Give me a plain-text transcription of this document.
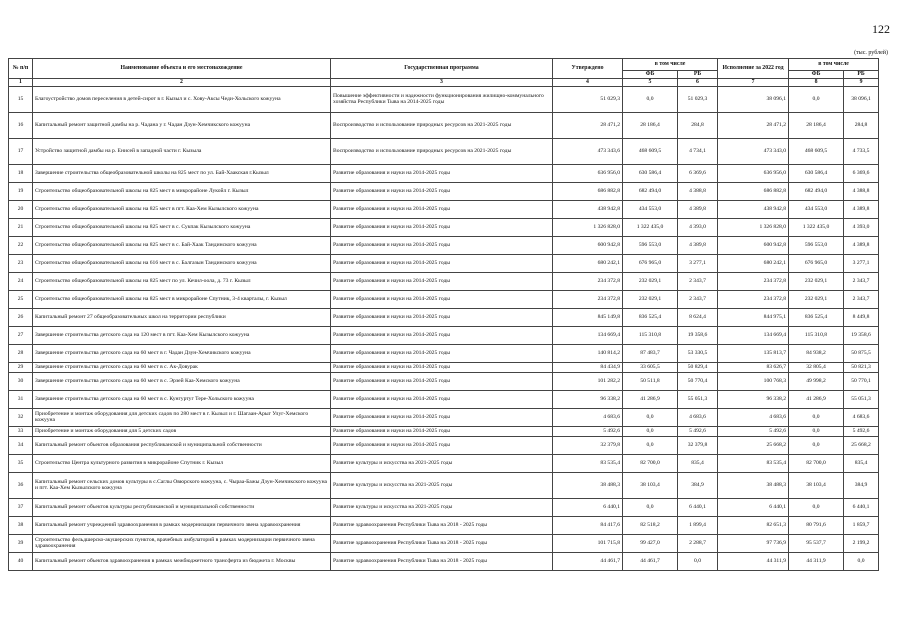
122
(тыс. рублей)
№ п/п	Наименование объекта и его местонахождение	Государственная программа	Утверждено	в том числе		Исполнение за 2022 год	в том числе	
				ФБ	РБ		ФБ	РБ
1	2	3	4	5	6	7	8	9
15	Благоустройство домов переселения в детей-сирот в г. Кызыл и с. Хову-Аксы Чеди-Хольского кожууна	Повышение эффективности и надежности функционирования жилищно-коммунального хозяйства Республики Тыва на 2014-2025 годы	51 029,3	0,0	51 029,3	38 096,1	0,0	38 096,1
16	Капитальный ремонт защитной дамбы на р. Чадана у г. Чадан Дзун-Хемчикского кожууна	Воспроизводство и использование природных ресурсов на 2021-2025 годы	28 471,2	28 186,4	284,8	28 471,2	28 186,4	284,8
17	Устройство защитной дамбы на р. Енисей в западной части г. Кызыла	Воспроизводство и использование природных ресурсов на 2021-2025 годы	473 343,6	468 609,5	4 734,1	473 343,0	468 609,5	4 733,5
18	Завершение строительства общеобразовательной школы на 825 мест по ул. Бай-Хаакская г.Кызыл	Развитие образования и науки на 2014-2025 годы	636 956,0	630 586,4	6 369,6	636 956,0	630 586,4	6 369,6
19	Строительство общеобразовательной школы на 825 мест в микрорайоне Лукойл г. Кызыл	Развитие образования и науки на 2014-2025 годы	686 882,8	682 494,0	4 388,8	686 882,8	682 494,0	4 388,8
20	Строительство общеобразовательной школы на 825 мест в пгт. Каа-Хем Кызылского кожууна	Развитие образования и науки на 2014-2025 годы	438 942,8	434 553,0	4 389,8	438 942,8	434 553,0	4 389,8
21	Строительство общеобразовательной школы на 825 мест в с. Сукпак Кызылского кожууна	Развитие образования и науки на 2014-2025 годы	1 326 828,0	1 322 435,0	4 393,0	1 326 828,0	1 322 435,0	4 393,0
22	Строительство общеобразовательной школы на 825 мест в с. Бай-Хаак Тандинского кожууна	Развитие образования и науки на 2014-2025 годы	600 942,8	596 553,0	4 389,8	600 942,8	596 553,0	4 389,8
23	Строительство общеобразовательной школы на 616 мест в с. Балгазын Тандинского кожууна	Развитие образования и науки на 2014-2025 годы	680 242,1	676 965,0	3 277,1	680 242,1	676 965,0	3 277,1
24	Строительство общеобразовательной школы на 825 мест по ул. Кечил-оола, д. 73 г. Кызыл	Развитие образования и науки на 2014-2025 годы	234 372,8	232 029,1	2 343,7	234 372,8	232 029,1	2 343,7
25	Строительство общеобразовательной школы на 825 мест в микрорайоне Спутник, 3-4 кварталы, г. Кызыл	Развитие образования и науки на 2014-2025 годы	234 372,8	232 029,1	2 343,7	234 372,8	232 029,1	2 343,7
26	Капитальный ремонт 27 общеобразовательных школ на территории республики	Развитие образования и науки на 2014-2025 годы	845 149,8	836 525,4	8 624,4	844 975,1	836 525,4	8 449,8
27	Завершение строительства детского сада на 120 мест в пгт. Каа-Хем Кызылского кожууна	Развитие образования и науки на 2014-2025 годы	134 669,4	115 310,8	19 358,6	134 669,4	115 310,8	19 358,6
28	Завершение строительства детского сада на 60 мест в г. Чадан Дзун-Хемчикского кожууна	Развитие образования и науки на 2014-2025 годы	140 814,2	87 483,7	53 330,5	135 813,7	84 938,2	50 875,5
29	Завершение строительства детского сада на 60 мест в с. Ак-Довурак	Развитие образования и науки на 2014-2025 годы	84 434,9	33 605,5	50 829,4	83 626,7	32 805,4	50 821,3
30	Завершение строительства детского сада на 60 мест в с. Эрзей Каа-Хемского кожууна	Развитие образования и науки на 2014-2025 годы	101 282,2	50 511,8	50 770,4	100 768,3	49 998,2	50 770,1
31	Завершение строительства детского сада на 60 мест в с. Кунгуртуг Тере-Хольского кожууна	Развитие образования и науки на 2014-2025 годы	96 338,2	41 286,9	55 051,3	96 338,2	41 286,9	55 051,3
32	Приобретение и монтаж оборудования для детских садов по 280 мест в г. Кызыл и г. Шагаан-Арыг Улуг-Хемского кожууна	Развитие образования и науки на 2014-2025 годы	4 683,6	0,0	4 683,6	4 683,6	0,0	4 683,6
33	Приобретение и монтаж оборудования для 5 детских садов	Развитие образования и науки на 2014-2025 годы	5 492,6	0,0	5 492,6	5 492,6	0,0	5 492,6
34	Капитальный ремонт объектов образования республиканской и муниципальной собственности	Развитие образования и науки на 2014-2025 годы	32 379,8	0,0	32 379,8	25 668,2	0,0	25 668,2
35	Строительство Центра культурного развития в микрорайоне Спутник г. Кызыл	Развитие культуры и искусства на 2021-2025 годы	83 535,4	82 700,0	835,4	83 535,4	82 700,0	835,4
36	Капитальный ремонт сельских домов культуры в с.Саглы Овюрского кожууна, с. Чыраа-Бажы Дзун-Хемчикского кожууна и пгт. Каа-Хем Кызылского кожууна	Развитие культуры и искусства на 2021-2025 годы	38 488,3	38 103,4	384,9	38 488,3	38 103,4	384,9
37	Капитальный ремонт объектов культуры республиканской и муниципальной собственности	Развитие культуры и искусства на 2021-2025 годы	6 440,1	0,0	6 440,1	6 440,1	0,0	6 440,1
38	Капитальный ремонт учреждений здравоохранения в рамках модернизации первичного звена здравоохранения	Развитие здравоохранения Республики Тыва на 2018 - 2025 годы	84 417,6	82 518,2	1 899,4	82 651,3	80 791,6	1 859,7
39	Строительство фельдшерско-акушерских пунктов, врачебных амбулаторий в рамках модернизации первичного звена здравоохранения	Развитие здравоохранения Республики Тыва на 2018 - 2025 годы	101 715,8	99 427,0	2 288,7	97 736,9	95 537,7	2 199,2
40	Капитальный ремонт объектов здравоохранения в рамках межбюджетного трансферта из бюджета г. Москвы	Развитие здравоохранения Республики Тыва на 2018 - 2025 годы	44 461,7	44 461,7	0,0	44 311,9	44 311,9	0,0
